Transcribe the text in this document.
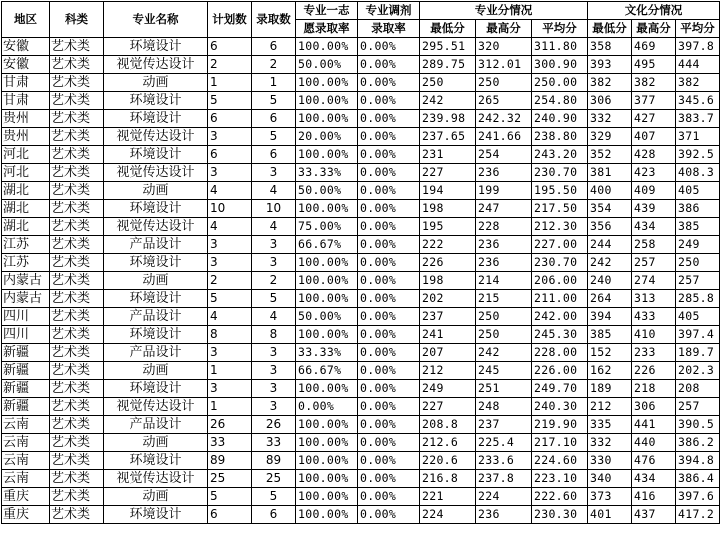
地区	科类	专业名称	计划数	录取数	专业一志	专业调剂	专业分情况			文化分情况		
					愿录取率	录取率	最低分	最高分	平均分	最低分	最高分	平均分
安徽	艺术类	环境设计	6	6	100.00%	0.00%	295.51	320	311.80	358	469	397.8
安徽	艺术类	视觉传达设计	2	2	50.00%	0.00%	289.75	312.01	300.90	393	495	444
甘肃	艺术类	动画	1	1	100.00%	0.00%	250	250	250.00	382	382	382
甘肃	艺术类	环境设计	5	5	100.00%	0.00%	242	265	254.80	306	377	345.6
贵州	艺术类	环境设计	6	6	100.00%	0.00%	239.98	242.32	240.90	332	427	383.7
贵州	艺术类	视觉传达设计	3	5	20.00%	0.00%	237.65	241.66	238.80	329	407	371
河北	艺术类	环境设计	6	6	100.00%	0.00%	231	254	243.20	352	428	392.5
河北	艺术类	视觉传达设计	3	3	33.33%	0.00%	227	236	230.70	381	423	408.3
湖北	艺术类	动画	4	4	50.00%	0.00%	194	199	195.50	400	409	405
湖北	艺术类	环境设计	10	10	100.00%	0.00%	198	247	217.50	354	439	386
湖北	艺术类	视觉传达设计	4	4	75.00%	0.00%	195	228	212.30	356	434	385
江苏	艺术类	产品设计	3	3	66.67%	0.00%	222	236	227.00	244	258	249
江苏	艺术类	环境设计	3	3	100.00%	0.00%	226	236	230.70	242	257	250
内蒙古	艺术类	动画	2	2	100.00%	0.00%	198	214	206.00	240	274	257
内蒙古	艺术类	环境设计	5	5	100.00%	0.00%	202	215	211.00	264	313	285.8
四川	艺术类	产品设计	4	4	50.00%	0.00%	237	250	242.00	394	433	405
四川	艺术类	环境设计	8	8	100.00%	0.00%	241	250	245.30	385	410	397.4
新疆	艺术类	产品设计	3	3	33.33%	0.00%	207	242	228.00	152	233	189.7
新疆	艺术类	动画	1	3	66.67%	0.00%	212	245	226.00	162	226	202.3
新疆	艺术类	环境设计	3	3	100.00%	0.00%	249	251	249.70	189	218	208
新疆	艺术类	视觉传达设计	1	3	0.00%	0.00%	227	248	240.30	212	306	257
云南	艺术类	产品设计	26	26	100.00%	0.00%	208.8	237	219.90	335	441	390.5
云南	艺术类	动画	33	33	100.00%	0.00%	212.6	225.4	217.10	332	440	386.2
云南	艺术类	环境设计	89	89	100.00%	0.00%	220.6	233.6	224.60	330	476	394.8
云南	艺术类	视觉传达设计	25	25	100.00%	0.00%	216.8	237.8	223.10	340	434	386.4
重庆	艺术类	动画	5	5	100.00%	0.00%	221	224	222.60	373	416	397.6
重庆	艺术类	环境设计	6	6	100.00%	0.00%	224	236	230.30	401	437	417.2
